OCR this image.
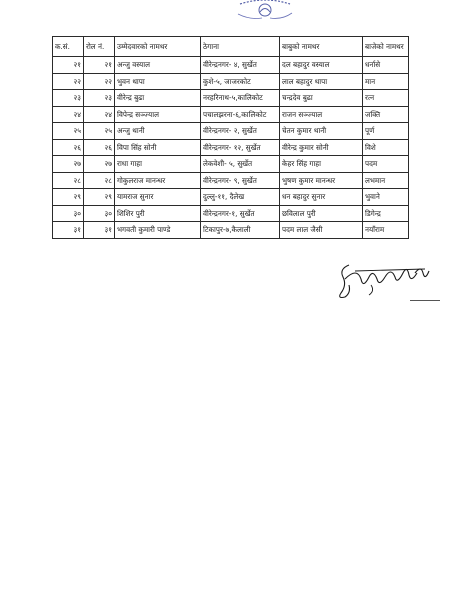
क.सं.	रोल नं.	उम्मेदवारको नामथर	ठेगाना	बाबुको नामथर	बाजेको नामथर
२१	२१	अन्जु वस्याल	वीरेन्द्रनगर- ४, सुर्खेत	दल बहादुर वस्याल	धर्नासे
२२	२२	भुवन थापा	कुशे-५, जाजरकोट	लाल बहादुर थापा	मान
२३	२३	वीरेन्द्र बुढा	नरहरिनाथ-५,कालिकोट	चन्द्रदेव बुढा	रत्न
२४	२४	विपेन्द्र सञ्ज्याल	पचालझरना-६,कालिकोट	राजन सञ्ज्याल	जक्ति
२५	२५	अन्जु थानी	वीरेन्द्रनगर- २, सुर्खेत	चेतन कुमार थानी	पूर्ण
२६	२६	विपा सिंह सोनी	वीरेन्द्रनगर- १२, सुर्खेत	वीरेन्द्र कुमार सोनी	विशे
२७	२७	राधा गाहा	लेकवेशी- ५, सुर्खेत	केहर सिंह गाहा	पदम
२८	२८	गोकुलराज मानन्धर	वीरेन्द्रनगर- ९, सुर्खेत	भुषण कुमार मानन्धर	लभमान
२९	२९	यामराज सुनार	दुल्लु-११, दैलेख	धन बहादुर सुनार	भुवाने
३०	३०	शिशिर पुरी	वीरेन्द्रनगर-१, सुर्खेत	छविलाल पुरी	डिगेन्द्र
३१	३१	भगवती कुमारी पाण्डे	टिकापुर-७,कैलाली	पदम लाल जैसी	नयाँराम
